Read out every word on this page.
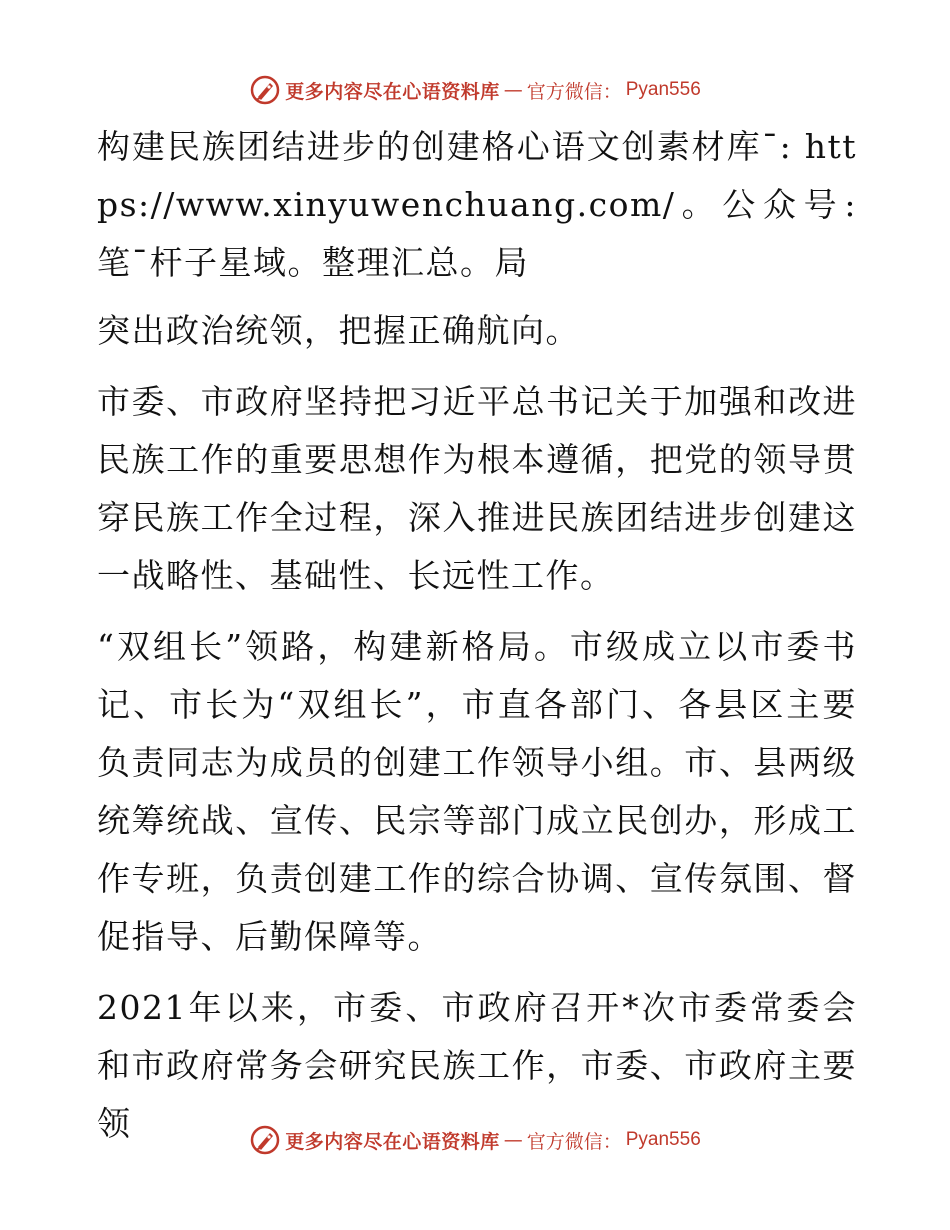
更多内容尽在心语资料库 — 官方微信： Pyan556

构建民族团结进步的创建格心语文创素材库¯: https://www.xinyuwenchuang.com/。公众号: 笔¯杆子星域。整理汇总。局

突出政治统领，把握正确航向。

市委、市政府坚持把习近平总书记关于加强和改进民族工作的重要思想作为根本遵循，把党的领导贯穿民族工作全过程，深入推进民族团结进步创建这一战略性、基础性、长远性工作。

“双组长”领路，构建新格局。市级成立以市委书记、市长为“双组长”，市直各部门、各县区主要负责同志为成员的创建工作领导小组。市、县两级统筹统战、宣传、民宗等部门成立民创办，形成工作专班，负责创建工作的综合协调、宣传氛围、督促指导、后勤保障等。

2021年以来，市委、市政府召开*次市委常委会和市政府常务会研究民族工作，市委、市政府主要领	更多内容尽在心语资料库 — 官方微信： Pyan556
